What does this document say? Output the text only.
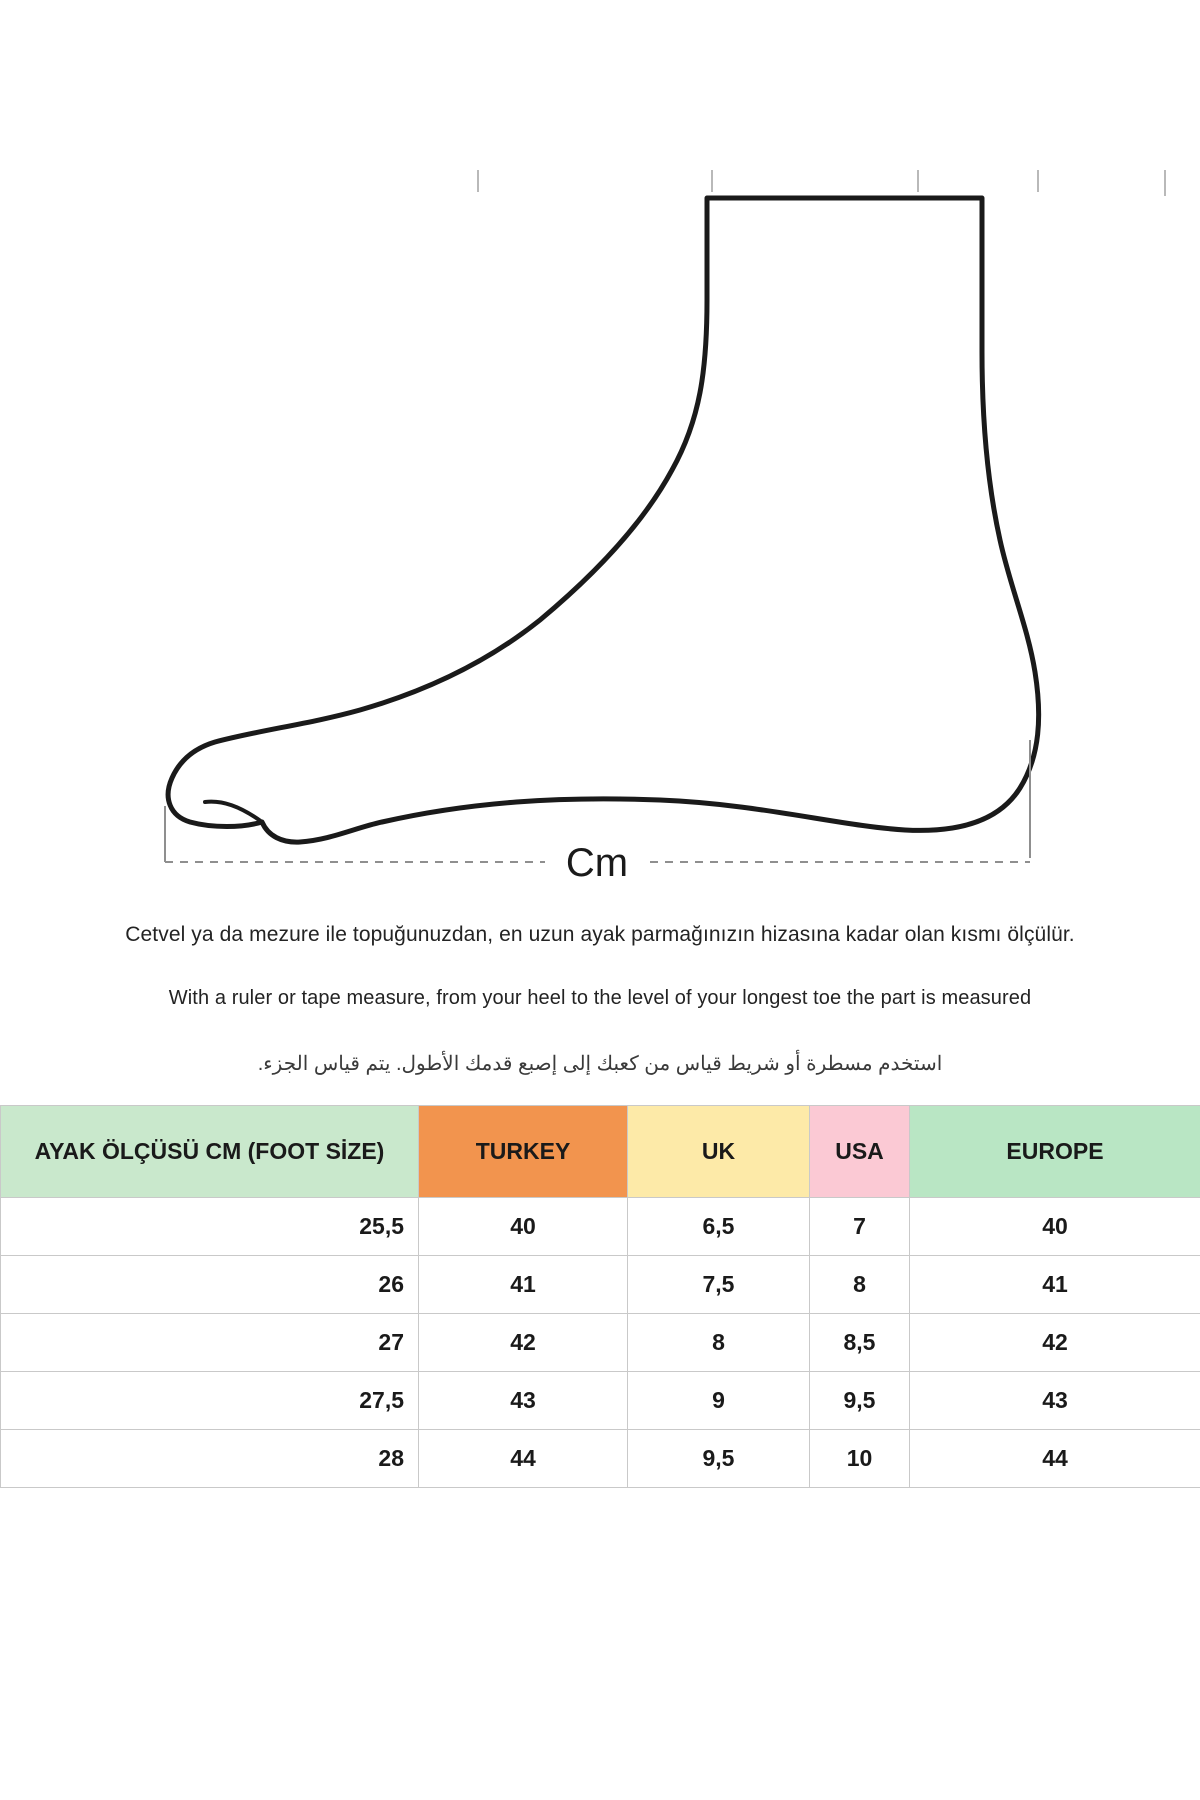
Cm

Cetvel ya da mezure ile topuğunuzdan, en uzun ayak parmağınızın hizasına kadar olan kısmı ölçülür.

With a ruler or tape measure, from your heel to the level of your longest toe the part is measured

استخدم مسطرة أو شريط قياس من كعبك إلى إصبع قدمك الأطول. يتم قياس الجزء.

AYAK ÖLÇÜSÜ CM (FOOT SİZE)	TURKEY	UK	USA	EUROPE
25,5	40	6,5	7	40
26	41	7,5	8	41
27	42	8	8,5	42
27,5	43	9	9,5	43
28	44	9,5	10	44
